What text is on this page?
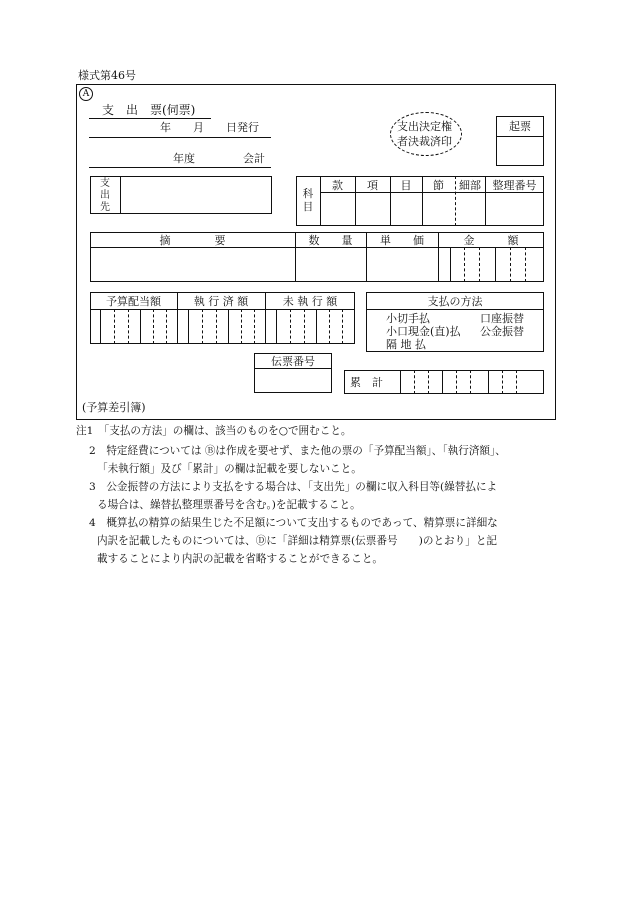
様式第46号
A
支　出　票(伺票)
年　　月　　日発行
年度	会計
支出決定権
者決裁済印
起票
支出先
科目
款	項	目	節	細部	整理番号
摘　　　　要	数　　量	単　　価	金　　　額
予算配当額	執 行 済 額	未 執 行 額	支払の方法
小切手払	口座振替
小口現金(直)払 公金振替
隔 地 払
伝票番号
累　計
(予算差引簿)
注1　「支払の方法」の欄は、該当のものを○で囲むこと。
2　特定経費については Ⓑは作成を要せず、また他の票の「予算配当額」、「執行済額」、
「未執行額」及び「累計」の欄は記載を要しないこと。
3　公金振替の方法により支払をする場合は、「支出先」の欄に収入科目等(繰替払によ
る場合は、繰替払整理票番号を含む。)を記載すること。
4　概算払の精算の結果生じた不足額について支出するものであって、精算票に詳細な
内訳を記載したものについては、Ⓓに「詳細は精算票(伝票番号　　)のとおり」と記
載することにより内訳の記載を省略することができること。
